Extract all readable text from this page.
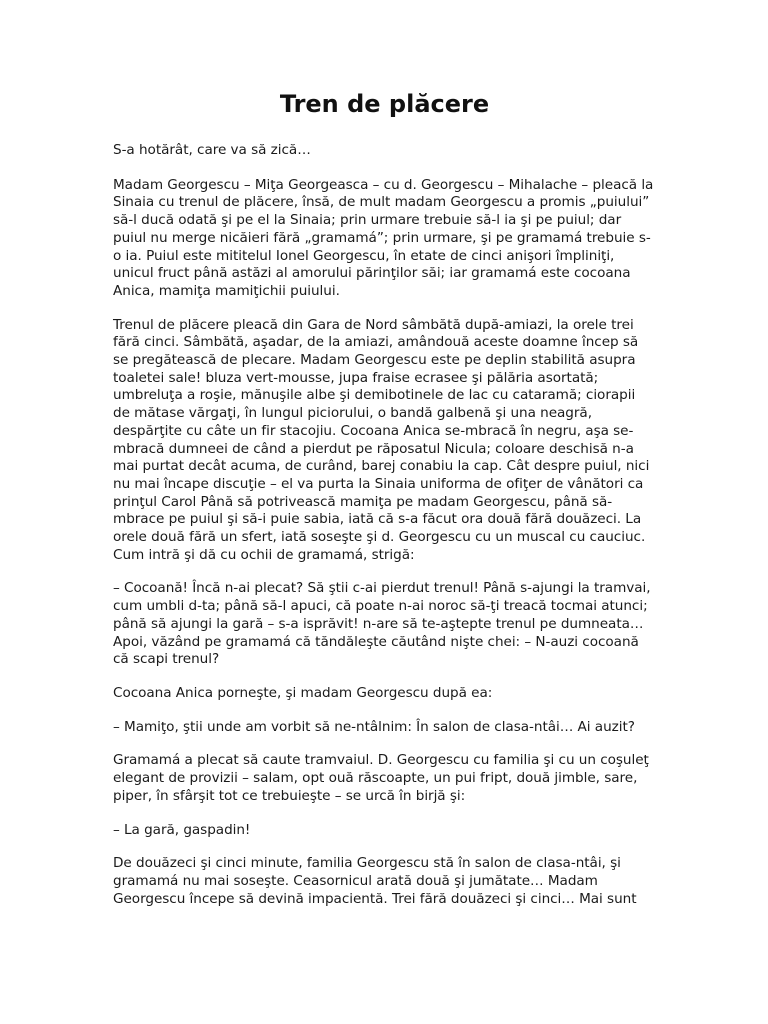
Tren de plăcere

S-a hotărât, care va să zică…

Madam Georgescu – Miţa Georgeasca – cu d. Georgescu – Mihalache – pleacă la Sinaia cu trenul de plăcere, însă, de mult madam Georgescu a promis „puiului” să-l ducă odată şi pe el la Sinaia; prin urmare trebuie să-l ia şi pe puiul; dar puiul nu merge nicăieri fără „gramamá”; prin urmare, şi pe gramamá trebuie s-o ia. Puiul este mititelul Ionel Georgescu, în etate de cinci anişori împliniţi, unicul fruct până astăzi al amorului părinţilor săi; iar gramamá este cocoana Anica, mamiţa mamiţichii puiului.

Trenul de plăcere pleacă din Gara de Nord sâmbătă după-amiazi, la orele trei fără cinci. Sâmbătă, aşadar, de la amiazi, amândouă aceste doamne încep să se pregătească de plecare. Madam Georgescu este pe deplin stabilită asupra toaletei sale! bluza vert-mousse, jupa fraise ecrasee şi pălăria asortată; umbreluţa a roşie, mănuşile albe şi demibotinele de lac cu cataramă; ciorapii de mătase vărgaţi, în lungul piciorului, o bandă galbenă şi una neagră, despărţite cu câte un fir stacojiu. Cocoana Anica se-mbracă în negru, aşa se-mbracă dumneei de când a pierdut pe răposatul Nicula; coloare deschisă n-a mai purtat decât acuma, de curând, barej conabiu la cap. Cât despre puiul, nici nu mai încape discuţie – el va purta la Sinaia uniforma de ofiţer de vânători ca prinţul Carol Până să potrivească mamiţa pe madam Georgescu, până să-mbrace pe puiul şi să-i puie sabia, iată că s-a făcut ora două fără douăzeci. La orele două fără un sfert, iată soseşte şi d. Georgescu cu un muscal cu cauciuc. Cum intră şi dă cu ochii de gramamá, strigă:

– Cocoană! Încă n-ai plecat? Să ştii c-ai pierdut trenul! Până s-ajungi la tramvai, cum umbli d-ta; până să-l apuci, că poate n-ai noroc să-ţi treacă tocmai atunci; până să ajungi la gară – s-a isprăvit! n-are să te-aştepte trenul pe dumneata… Apoi, văzând pe gramamá că tăndăleşte căutând nişte chei: – N-auzi cocoană că scapi trenul?

Cocoana Anica porneşte, şi madam Georgescu după ea:

– Mamiţo, ştii unde am vorbit să ne-ntâlnim: În salon de clasa-ntâi… Ai auzit?

Gramamá a plecat să caute tramvaiul. D. Georgescu cu familia şi cu un coşuleţ elegant de provizii – salam, opt ouă răscoapte, un pui fript, două jimble, sare, piper, în sfârşit tot ce trebuieşte – se urcă în birjă şi:

– La gară, gaspadin!

De douăzeci şi cinci minute, familia Georgescu stă în salon de clasa-ntâi, şi gramamá nu mai soseşte. Ceasornicul arată două şi jumătate… Madam Georgescu începe să devină impacientă. Trei fără douăzeci şi cinci… Mai sunt
